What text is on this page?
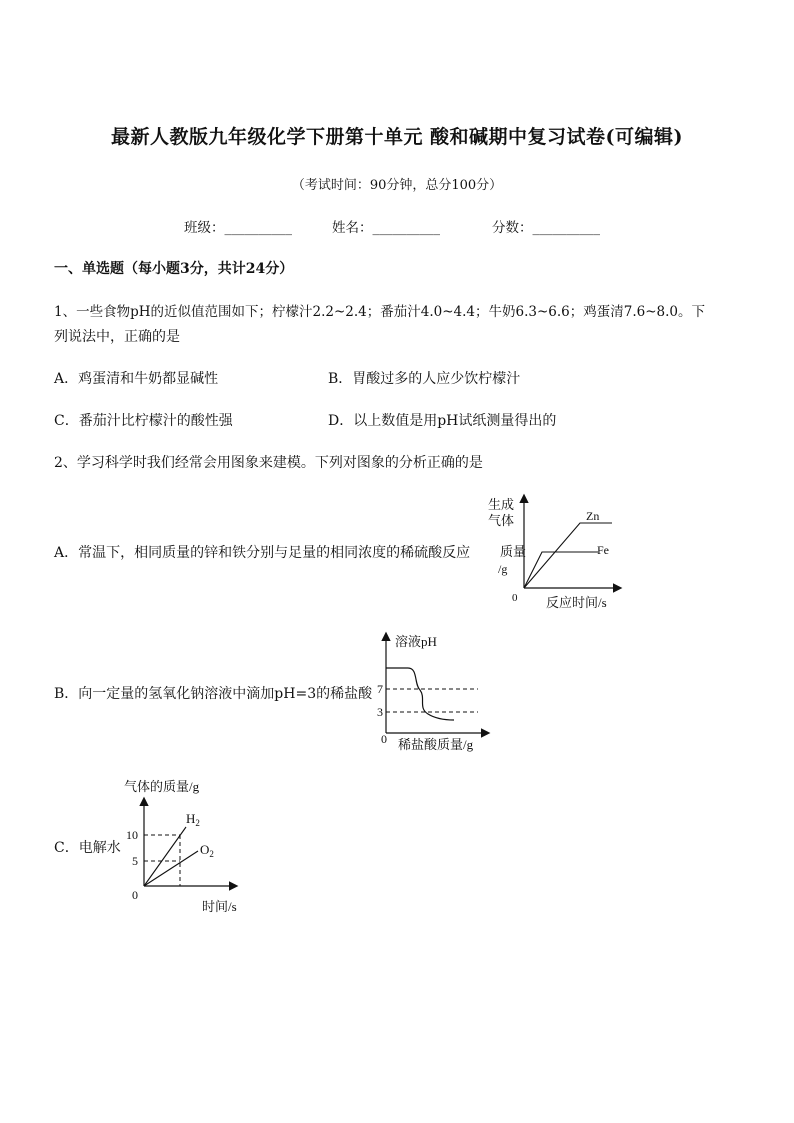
最新人教版九年级化学下册第十单元 酸和碱期中复习试卷(可编辑)
（考试时间：90分钟，总分100分）
班级：__________	姓名：__________	分数：__________
一、单选题（每小题3分，共计24分）
1、一些食物pH的近似值范围如下；柠檬汁2.2~2.4；番茄汁4.0~4.4；牛奶6.3~6.6；鸡蛋清7.6~8.0。下
列说法中，正确的是
A．鸡蛋清和牛奶都显碱性	B．胃酸过多的人应少饮柠檬汁
C．番茄汁比柠檬汁的酸性强	D．以上数值是用pH试纸测量得出的
2、学习科学时我们经常会用图象来建模。下列对图象的分析正确的是
A．常温下，相同质量的锌和铁分别与足量的相同浓度的稀硫酸反应
生成
气体
质量
/g
Zn
Fe
0 反应时间/s
B．向一定量的氢氧化钠溶液中滴加pH=3的稀盐酸
溶液pH
7
3
0 稀盐酸质量/g
C．电解水
气体的质量/g
$H_2$
$O_2$
10
5
0
时间/s
